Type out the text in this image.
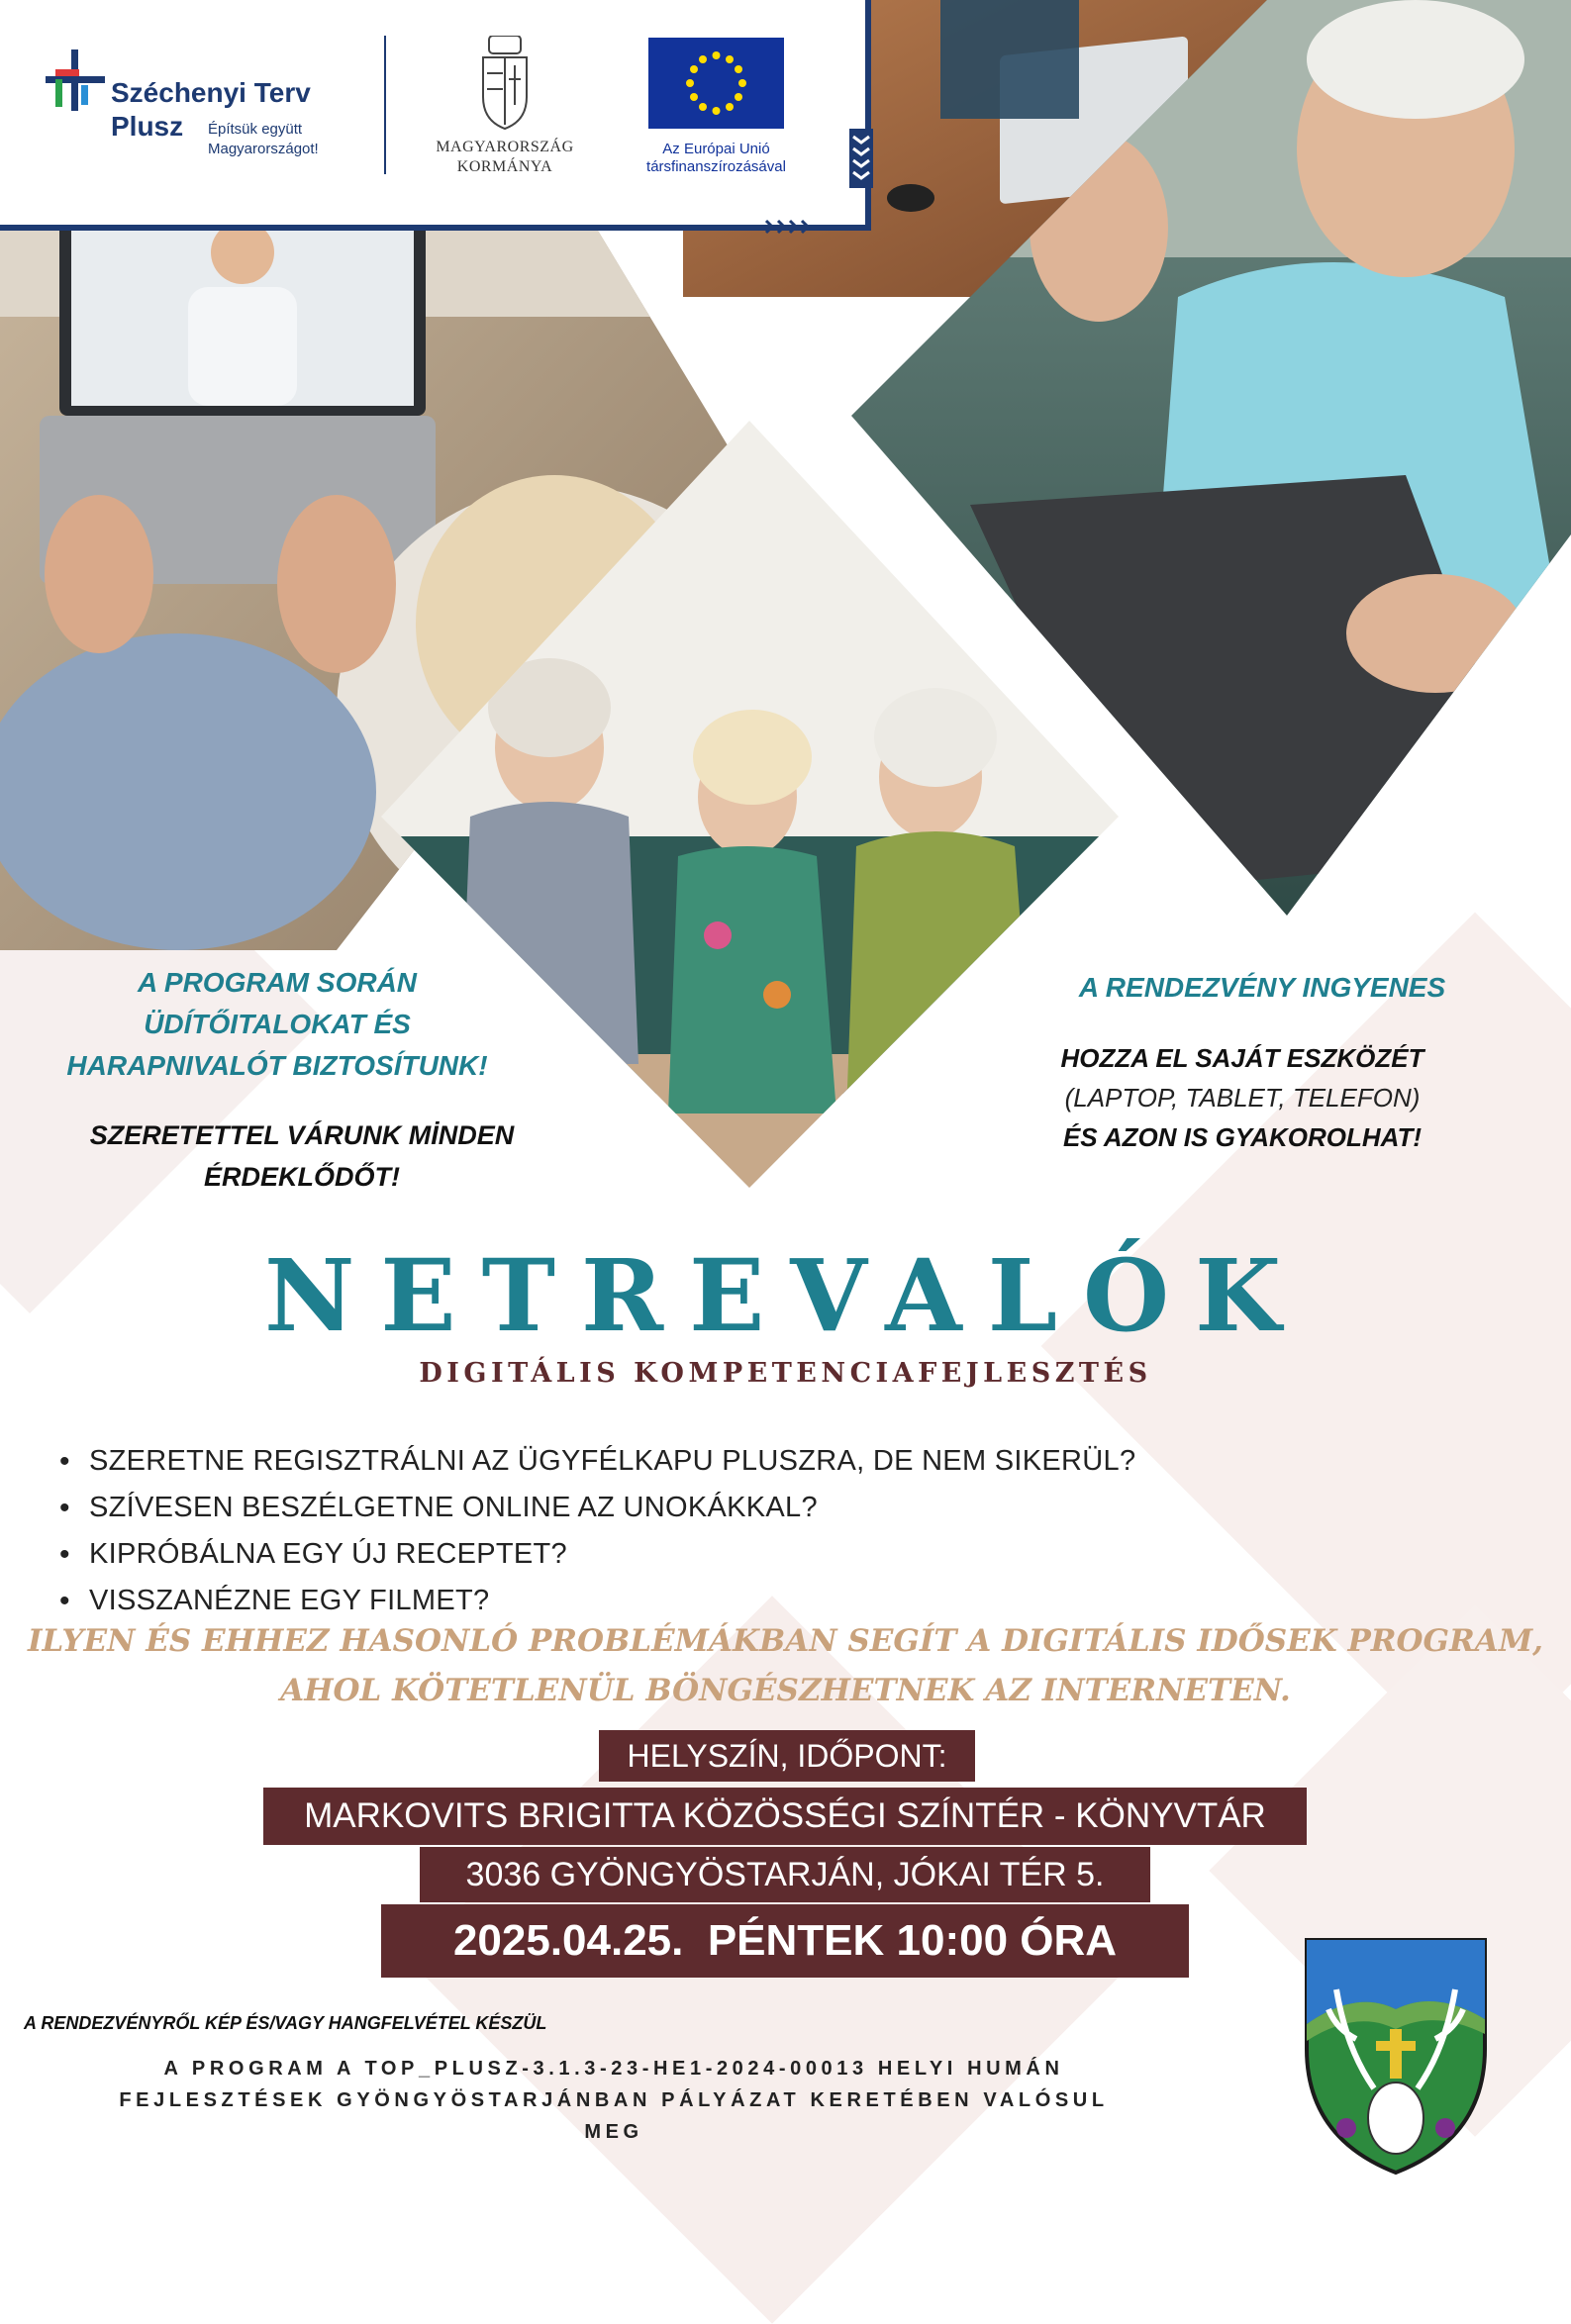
Széchenyi Terv
Plusz Építsük együtt
Magyarországot!	MAGYARORSZÁG
KORMÁNYA
Az Európai Unió
társfinanszírozásával
A PROGRAM SORÁN ÜDÍTŐITALOKAT ÉS HARAPNIVALÓT BIZTOSÍTUNK!
SZERETETTEL VÁRUNK MİNDEN ÉRDEKLŐDŐT!
A RENDEZVÉNY INGYENES
HOZZA EL SAJÁT ESZKÖZÉT
(LAPTOP, TABLET, TELEFON)
ÉS AZON IS GYAKOROLHAT!
NETREVALÓK
DIGITÁLIS KOMPETENCIAFEJLESZTÉS
• SZERETNE REGISZTRÁLNI AZ ÜGYFÉLKAPU PLUSZRA, DE NEM SIKERÜL?
• SZÍVESEN BESZÉLGETNE ONLINE AZ UNOKÁKKAL?
• KIPRÓBÁLNA EGY ÚJ RECEPTET?
• VISSZANÉZNE EGY FILMET?
ILYEN ÉS EHHEZ HASONLÓ PROBLÉMÁKBAN SEGÍT A DIGITÁLIS IDŐSEK PROGRAM,
AHOL KÖTETLENÜL BÖNGÉSZHETNEK AZ INTERNETEN.
HELYSZÍN, IDŐPONT:
MARKOVITS BRIGITTA KÖZÖSSÉGI SZÍNTÉR - KÖNYVTÁR
3036 GYÖNGYÖSTARJÁN, JÓKAI TÉR 5.
2025.04.25.  PÉNTEK 10:00 ÓRA
A RENDEZVÉNYRŐL KÉP ÉS/VAGY HANGFELVÉTEL KÉSZÜL
A PROGRAM A TOP_PLUSZ-3.1.3-23-HE1-2024-00013 HELYI HUMÁN
FEJLESZTÉSEK GYÖNGYÖSTARJÁNBAN PÁLYÁZAT KERETÉBEN VALÓSUL
MEG
